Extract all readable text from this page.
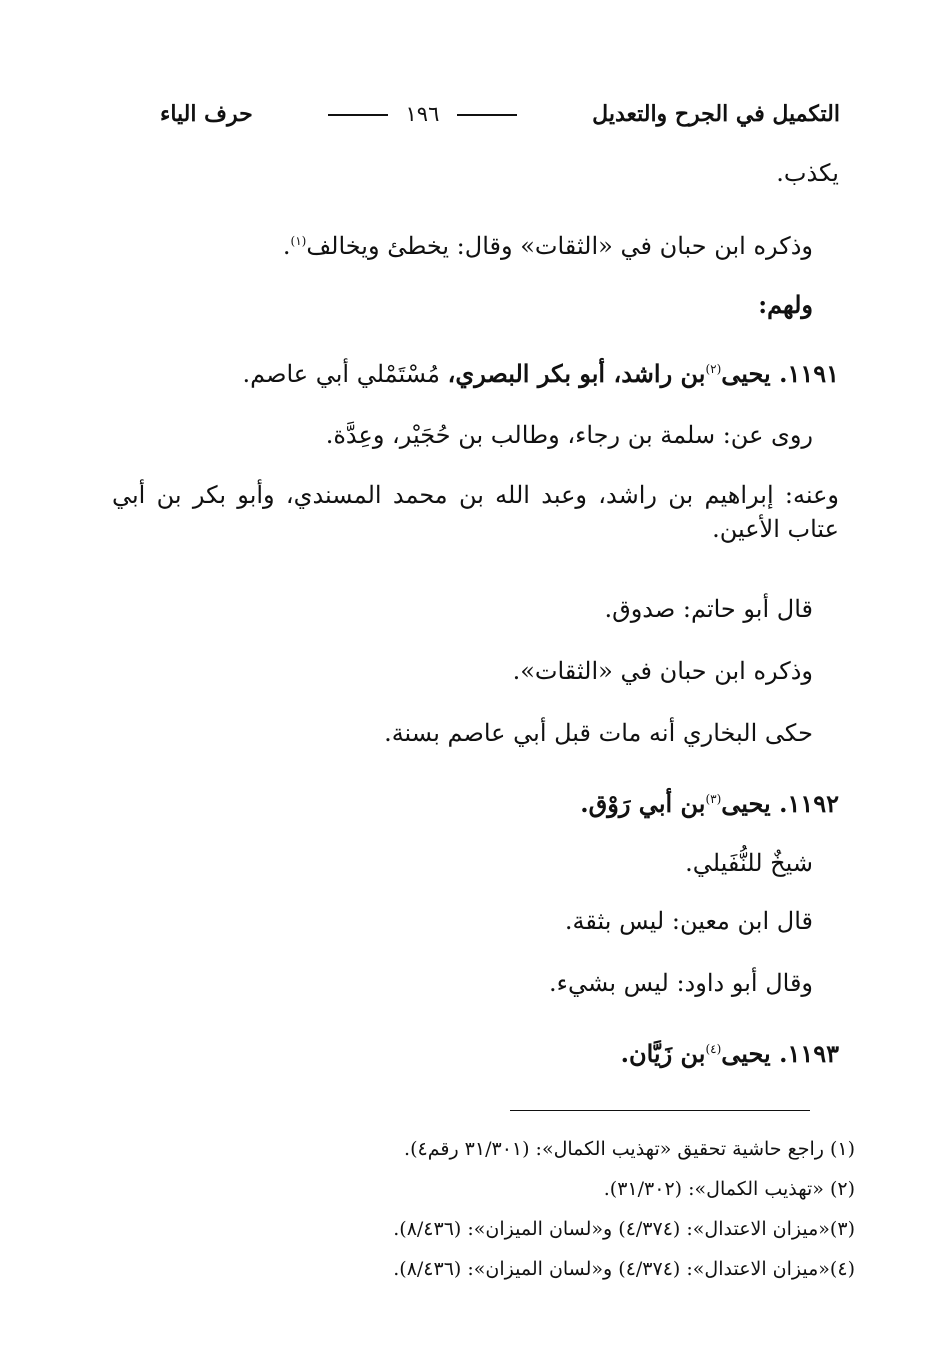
التكميل في الجرح والتعديل
١٩٦
حرف الياء
يكذب.
وذكره ابن حبان في «الثقات» وقال: يخطئ ويخالف$^{(١)}$.
ولهم:
١١٩١. يحيى$^{(٢)}$بن راشد، أبو بكر البصري، مُسْتَمْلي أبي عاصم.
روى عن: سلمة بن رجاء، وطالب بن حُجَيْر، وعِدَّة.
وعنه: إبراهيم بن راشد، وعبد الله بن محمد المسندي، وأبو بكر بن أبي عتاب الأعين.
قال أبو حاتم: صدوق.
وذكره ابن حبان في «الثقات».
حكى البخاري أنه مات قبل أبي عاصم بسنة.
١١٩٢. يحيى$^{(٣)}$بن أبي رَوْق.
شيخٌ للنُّفَيلي.
قال ابن معين: ليس بثقة.
وقال أبو داود: ليس بشيء.
١١٩٣. يحيى$^{(٤)}$بن زَيَّان.
(١) راجع حاشية تحقيق «تهذيب الكمال»: (٣١/٣٠١ رقم٤).
(٢) «تهذيب الكمال»: (٣١/٣٠٢).
(٣)«ميزان الاعتدال»: (٤/٣٧٤) و«لسان الميزان»: (٨/٤٣٦).
(٤)«ميزان الاعتدال»: (٤/٣٧٤) و«لسان الميزان»: (٨/٤٣٦).
